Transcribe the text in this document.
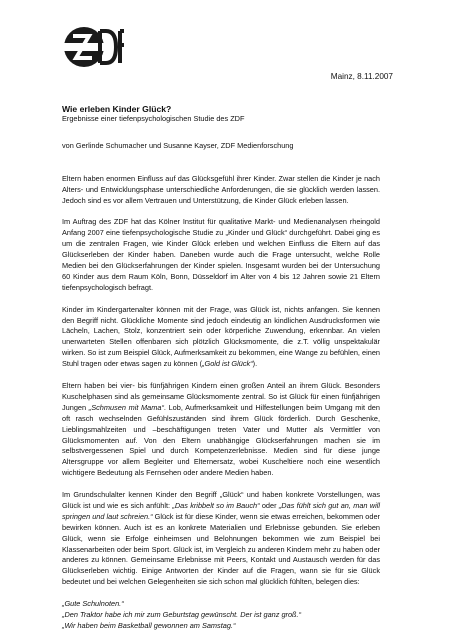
Mainz, 8.11.2007
Wie erleben Kinder Glück?
Ergebnisse einer tiefenpsychologischen Studie des ZDF
von Gerlinde Schumacher und Susanne Kayser, ZDF Medienforschung

Eltern haben enormen Einfluss auf das Glücksgefühl ihrer Kinder. Zwar stellen die Kinder je nach Alters- und Entwicklungsphase unterschiedliche Anforderungen, die sie glücklich werden lassen. Jedoch sind es vor allem Vertrauen und Unterstützung, die Kinder Glück erleben lassen.

Im Auftrag des ZDF hat das Kölner Institut für qualitative Markt- und Medienanalysen rheingold Anfang 2007 eine tiefenpsychologische Studie zu „Kinder und Glück“ durchgeführt. Dabei ging es um die zentralen Fragen, wie Kinder Glück erleben und welchen Einfluss die Eltern auf das Glückserleben der Kinder haben. Daneben wurde auch die Frage untersucht, welche Rolle Medien bei den Glückserfahrungen der Kinder spielen. Insgesamt wurden bei der Untersuchung 60 Kinder aus dem Raum Köln, Bonn, Düsseldorf im Alter von 4 bis 12 Jahren sowie 21 Eltern tiefenpsychologisch befragt.

Kinder im Kindergartenalter können mit der Frage, was Glück ist, nichts anfangen. Sie kennen den Begriff nicht. Glückliche Momente sind jedoch eindeutig an kindlichen Ausdrucksformen wie Lächeln, Lachen, Stolz, konzentriert sein oder körperliche Zuwendung, erkennbar. An vielen unerwarteten Stellen offenbaren sich plötzlich Glücksmomente, die z.T. völlig unspektakulär wirken. So ist zum Beispiel Glück, Aufmerksamkeit zu bekommen, eine Wange zu befühlen, einen Stuhl tragen oder etwas sagen zu können („Gold ist Glück“).

Eltern haben bei vier- bis fünfjährigen Kindern einen großen Anteil an ihrem Glück. Besonders Kuschelphasen sind als gemeinsame Glücksmomente zentral. So ist Glück für einen fünfjährigen Jungen „Schmusen mit Mama“. Lob, Aufmerksamkeit und Hilfestellungen beim Umgang mit den oft rasch wechselnden Gefühlszuständen sind ihrem Glück förderlich. Durch Geschenke, Lieblingsmahlzeiten und –beschäftigungen treten Vater und Mutter als Vermittler von Glücksmomenten auf. Von den Eltern unabhängige Glückserfahrungen machen sie im selbstvergessenen Spiel und durch Kompetenzerlebnisse. Medien sind für diese junge Altersgruppe vor allem Begleiter und Elternersatz, wobei Kuscheltiere noch eine wesentlich wichtigere Bedeutung als Fernsehen oder andere Medien haben.

Im Grundschulalter kennen Kinder den Begriff „Glück“ und haben konkrete Vorstellungen, was Glück ist und wie es sich anfühlt: „Das kribbelt so im Bauch“ oder „Das fühlt sich gut an, man will springen und laut schreien.“ Glück ist für diese Kinder, wenn sie etwas erreichen, bekommen oder bewirken können. Auch ist es an konkrete Materialien und Erlebnisse gebunden. Sie erleben Glück, wenn sie Erfolge einheimsen und Belohnungen bekommen wie zum Beispiel bei Klassenarbeiten oder beim Sport. Glück ist, im Vergleich zu anderen Kindern mehr zu haben oder anderes zu können. Gemeinsame Erlebnisse mit Peers, Kontakt und Austausch werden für das Glückserleben wichtig. Einige Antworten der Kinder auf die Fragen, wann sie für sie Glück bedeutet und bei welchen Gelegenheiten sie sich schon mal glücklich fühlten, belegen dies:

„Gute Schulnoten.“

„Den Traktor habe ich mir zum Geburtstag gewünscht. Der ist ganz groß.“

„Wir haben beim Basketball gewonnen am Samstag.“
